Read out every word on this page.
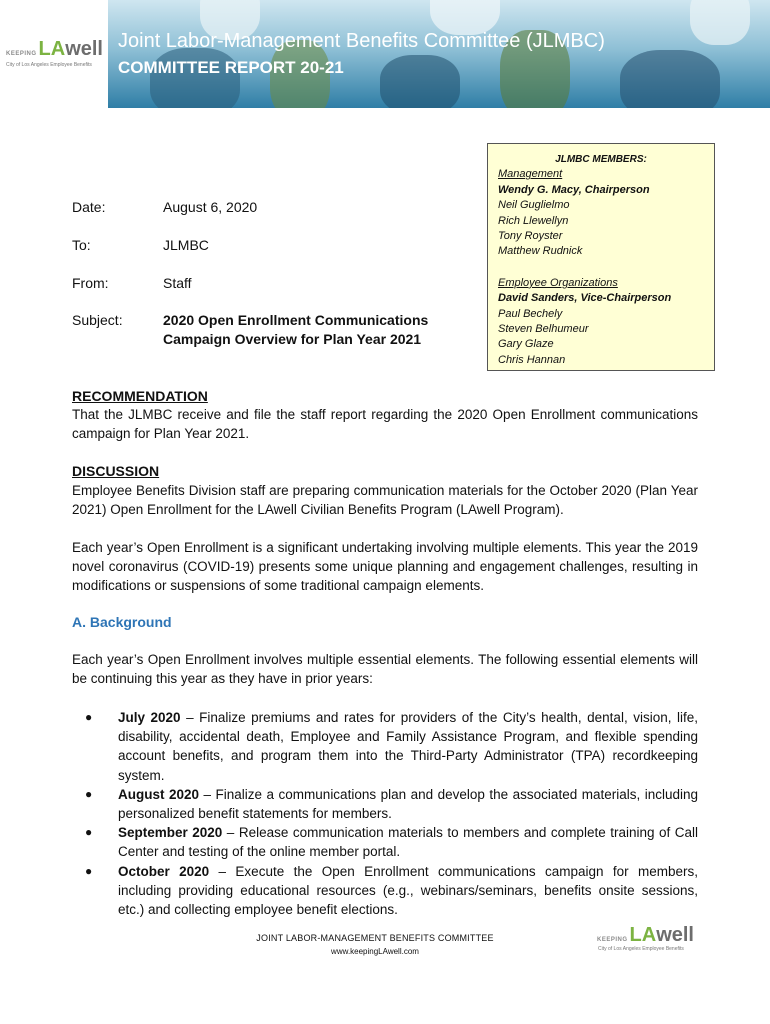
KEEPING LA well
City of Los Angeles Employee Benefits
Joint Labor-Management Benefits Committee (JLMBC)
COMMITTEE REPORT 20-21
Date:	August 6, 2020
To:	JLMBC
From:	Staff
Subject:	2020 Open Enrollment Communications
Campaign Overview for Plan Year 2021
JLMBC MEMBERS:
Management
Wendy G. Macy, Chairperson
Neil Guglielmo
Rich Llewellyn
Tony Royster
Matthew Rudnick
Employee Organizations
David Sanders, Vice-Chairperson
Paul Bechely
Steven Belhumeur
Gary Glaze
Chris Hannan
RECOMMENDATION
That the JLMBC receive and file the staff report regarding the 2020 Open Enrollment communications campaign for Plan Year 2021.
DISCUSSION
Employee Benefits Division staff are preparing communication materials for the October 2020 (Plan Year 2021) Open Enrollment for the LAwell Civilian Benefits Program (LAwell Program).
Each year’s Open Enrollment is a significant undertaking involving multiple elements. This year the 2019 novel coronavirus (COVID-19) presents some unique planning and engagement challenges, resulting in modifications or suspensions of some traditional campaign elements.
A. Background
Each year’s Open Enrollment involves multiple essential elements. The following essential elements will be continuing this year as they have in prior years:
● July 2020 – Finalize premiums and rates for providers of the City’s health, dental, vision, life, disability, accidental death, Employee and Family Assistance Program, and flexible spending account benefits, and program them into the Third-Party Administrator (TPA) recordkeeping system.
● August 2020 – Finalize a communications plan and develop the associated materials, including personalized benefit statements for members.
● September 2020 – Release communication materials to members and complete training of Call Center and testing of the online member portal.
● October 2020 – Execute the Open Enrollment communications campaign for members, including providing educational resources (e.g., webinars/seminars, benefits onsite sessions, etc.) and collecting employee benefit elections.
JOINT LABOR-MANAGEMENT BENEFITS COMMITTEE
www.keepingLAwell.com
KEEPING LA well
City of Los Angeles Employee Benefits
